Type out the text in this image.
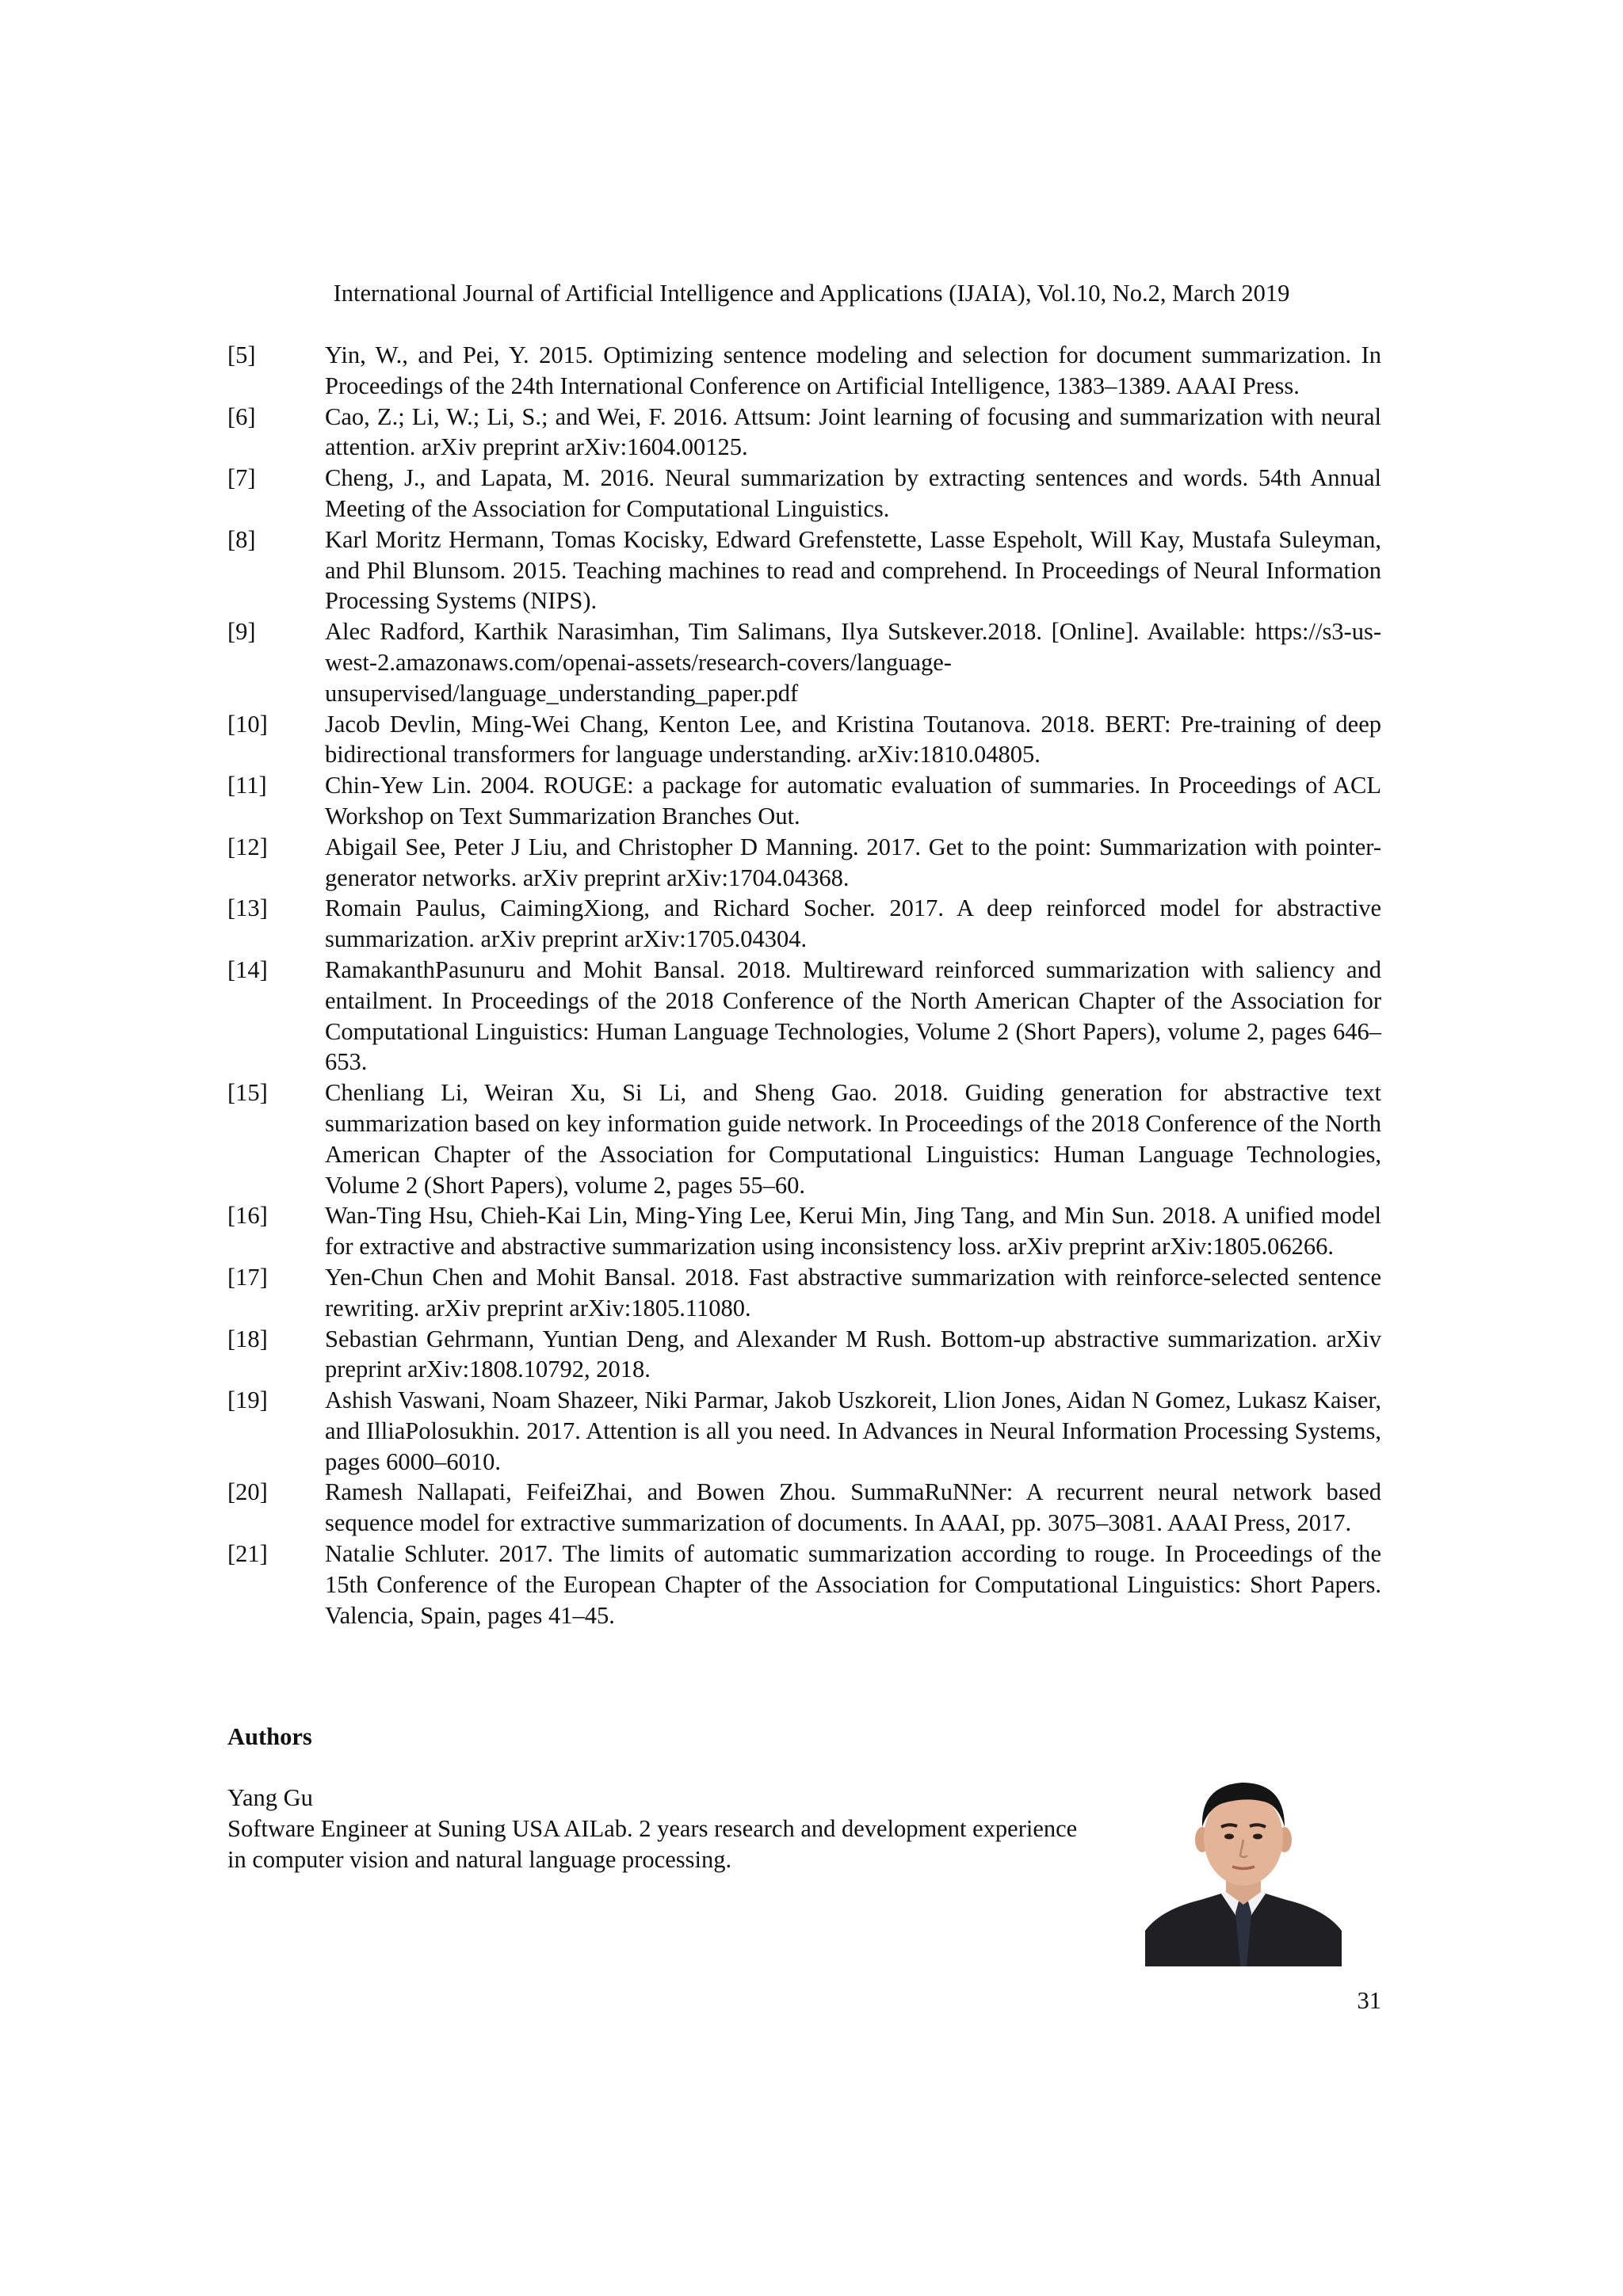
International Journal of Artificial Intelligence and Applications (IJAIA), Vol.10, No.2, March 2019
[5]	Yin, W., and Pei, Y. 2015. Optimizing sentence modeling and selection for document summarization. In Proceedings of the 24th International Conference on Artificial Intelligence, 1383–1389. AAAI Press.
[6]	Cao, Z.; Li, W.; Li, S.; and Wei, F. 2016. Attsum: Joint learning of focusing and summarization with neural attention. arXiv preprint arXiv:1604.00125.
[7]	Cheng, J., and Lapata, M. 2016. Neural summarization by extracting sentences and words. 54th Annual Meeting of the Association for Computational Linguistics.
[8]	Karl Moritz Hermann, Tomas Kocisky, Edward Grefenstette, Lasse Espeholt, Will Kay, Mustafa Suleyman, and Phil Blunsom. 2015. Teaching machines to read and comprehend. In Proceedings of Neural Information Processing Systems (NIPS).
[9]	Alec Radford, Karthik Narasimhan, Tim Salimans, Ilya Sutskever.2018. [Online]. Available: https://s3-us-west-2.amazonaws.com/openai-assets/research-covers/language-unsupervised/language_understanding_paper.pdf
[10]	Jacob Devlin, Ming-Wei Chang, Kenton Lee, and Kristina Toutanova. 2018. BERT: Pre-training of deep bidirectional transformers for language understanding. arXiv:1810.04805.
[11]	Chin-Yew Lin. 2004. ROUGE: a package for automatic evaluation of summaries. In Proceedings of ACL Workshop on Text Summarization Branches Out.
[12]	Abigail See, Peter J Liu, and Christopher D Manning. 2017. Get to the point: Summarization with pointer-generator networks. arXiv preprint arXiv:1704.04368.
[13]	Romain Paulus, CaimingXiong, and Richard Socher. 2017. A deep reinforced model for abstractive summarization. arXiv preprint arXiv:1705.04304.
[14]	RamakanthPasunuru and Mohit Bansal. 2018. Multireward reinforced summarization with saliency and entailment. In Proceedings of the 2018 Conference of the North American Chapter of the Association for Computational Linguistics: Human Language Technologies, Volume 2 (Short Papers), volume 2, pages 646–653.
[15]	Chenliang Li, Weiran Xu, Si Li, and Sheng Gao. 2018. Guiding generation for abstractive text summarization based on key information guide network. In Proceedings of the 2018 Conference of the North American Chapter of the Association for Computational Linguistics: Human Language Technologies, Volume 2 (Short Papers), volume 2, pages 55–60.
[16]	Wan-Ting Hsu, Chieh-Kai Lin, Ming-Ying Lee, Kerui Min, Jing Tang, and Min Sun. 2018. A unified model for extractive and abstractive summarization using inconsistency loss. arXiv preprint arXiv:1805.06266.
[17]	Yen-Chun Chen and Mohit Bansal. 2018. Fast abstractive summarization with reinforce-selected sentence rewriting. arXiv preprint arXiv:1805.11080.
[18]	Sebastian Gehrmann, Yuntian Deng, and Alexander M Rush. Bottom-up abstractive summarization. arXiv preprint arXiv:1808.10792, 2018.
[19]	Ashish Vaswani, Noam Shazeer, Niki Parmar, Jakob Uszkoreit, Llion Jones, Aidan N Gomez, Lukasz Kaiser, and IlliaPolosukhin. 2017. Attention is all you need. In Advances in Neural Information Processing Systems, pages 6000–6010.
[20]	Ramesh Nallapati, FeifeiZhai, and Bowen Zhou. SummaRuNNer: A recurrent neural network based sequence model for extractive summarization of documents. In AAAI, pp. 3075–3081. AAAI Press, 2017.
[21]	Natalie Schluter. 2017. The limits of automatic summarization according to rouge. In Proceedings of the 15th Conference of the European Chapter of the Association for Computational Linguistics: Short Papers. Valencia, Spain, pages 41–45.
Authors

Yang Gu

Software Engineer at Suning USA AILab. 2 years research and development experience in computer vision and natural language processing.

31
